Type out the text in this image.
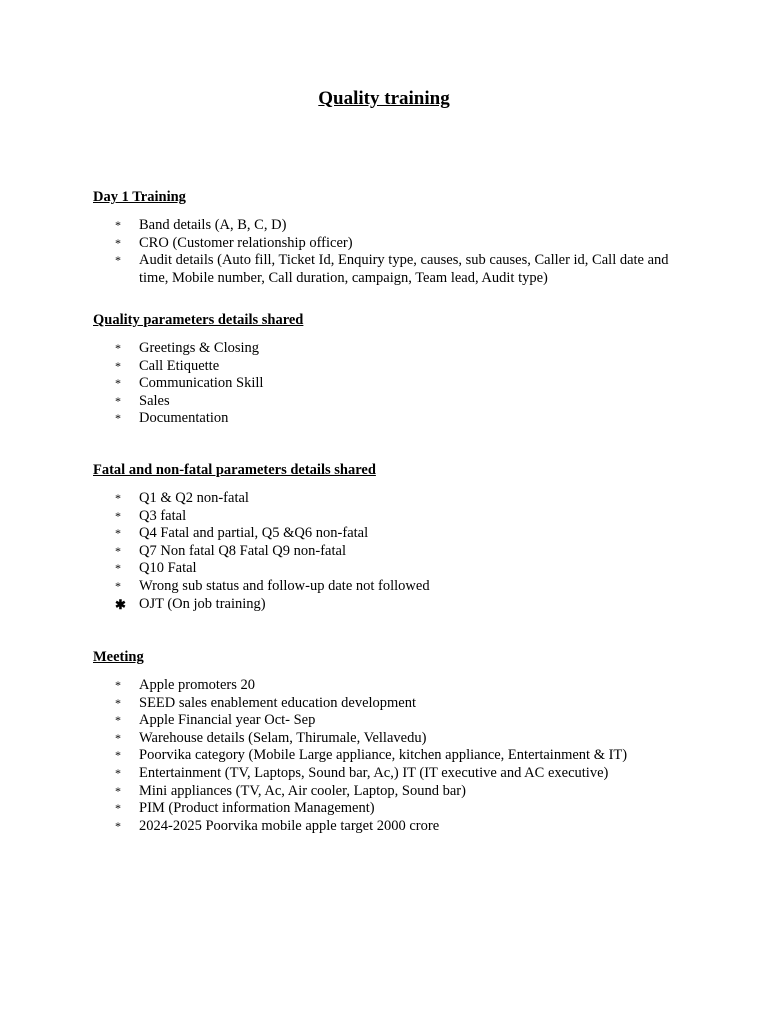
Quality training

Day 1 Training

* Band details (A, B, C, D)
* CRO (Customer relationship officer)
* Audit details (Auto fill, Ticket Id, Enquiry type, causes, sub causes, Caller id, Call date and time, Mobile number, Call duration, campaign, Team lead, Audit type)

Quality parameters details shared

* Greetings & Closing
* Call Etiquette
* Communication Skill
* Sales
* Documentation

Fatal and non-fatal parameters details shared

* Q1 & Q2 non-fatal
* Q3 fatal
* Q4 Fatal and partial, Q5 &Q6 non-fatal
* Q7 Non fatal Q8 Fatal Q9 non-fatal
* Q10 Fatal
* Wrong sub status and follow-up date not followed
✱ OJT (On job training)

Meeting

* Apple promoters 20
* SEED sales enablement education development
* Apple Financial year Oct- Sep
* Warehouse details (Selam, Thirumale, Vellavedu)
* Poorvika category (Mobile Large appliance, kitchen appliance, Entertainment & IT)
* Entertainment (TV, Laptops, Sound bar, Ac,) IT (IT executive and AC executive)
* Mini appliances (TV, Ac, Air cooler, Laptop, Sound bar)
* PIM (Product information Management)
* 2024-2025 Poorvika mobile apple target 2000 crore
